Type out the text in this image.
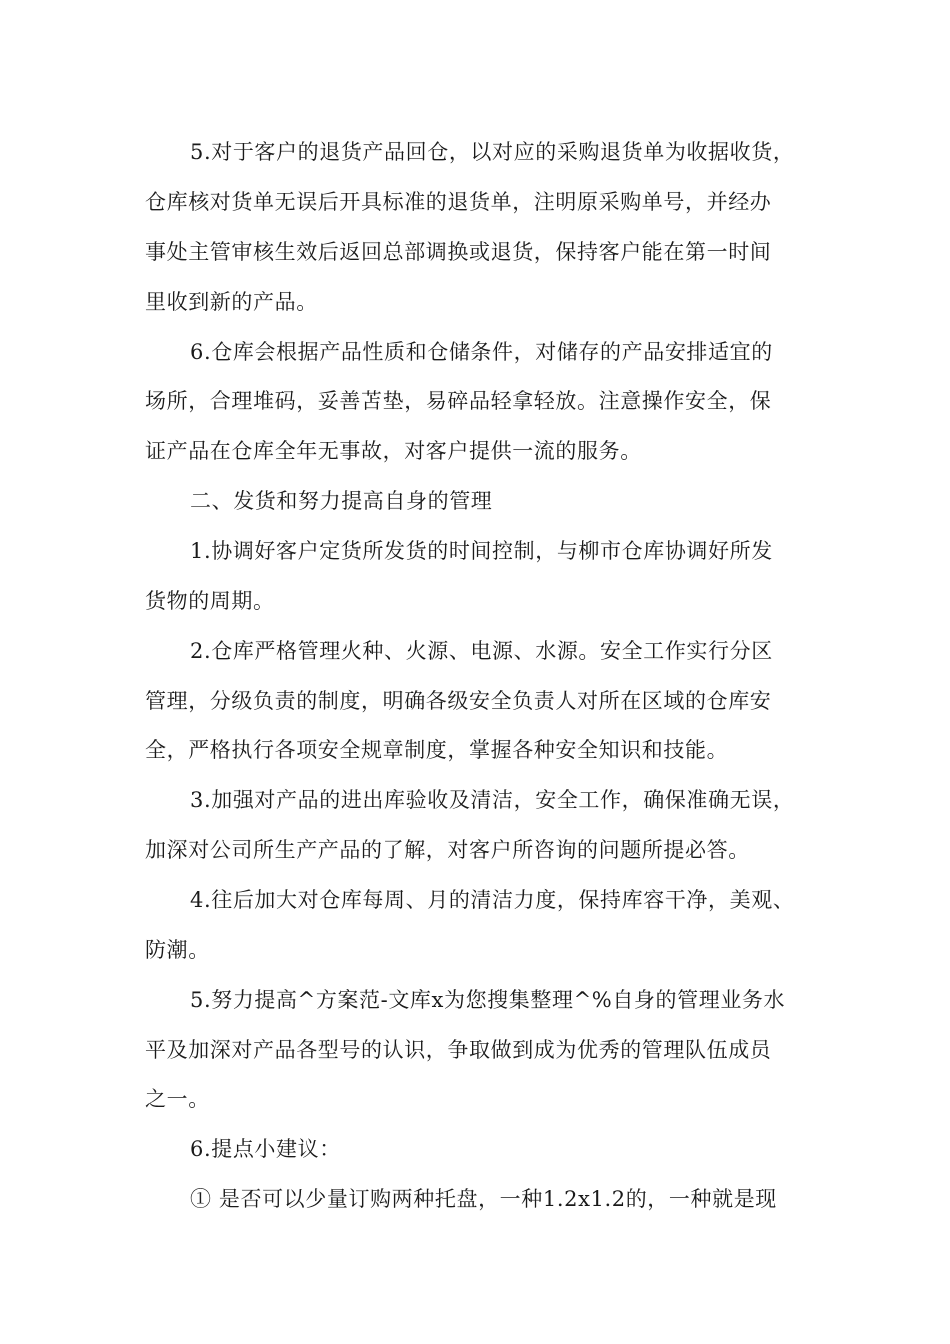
5.对于客户的退货产品回仓，以对应的采购退货单为收据收货，
仓库核对货单无误后开具标准的退货单，注明原采购单号，并经办
事处主管审核生效后返回总部调换或退货，保持客户能在第一时间
里收到新的产品。
6.仓库会根据产品性质和仓储条件，对储存的产品安排适宜的
场所，合理堆码，妥善苫垫，易碎品轻拿轻放。注意操作安全，保
证产品在仓库全年无事故，对客户提供一流的服务。
二、发货和努力提高自身的管理
1.协调好客户定货所发货的时间控制，与柳市仓库协调好所发
货物的周期。
2.仓库严格管理火种、火源、电源、水源。安全工作实行分区
管理，分级负责的制度，明确各级安全负责人对所在区域的仓库安
全，严格执行各项安全规章制度，掌握各种安全知识和技能。
3.加强对产品的进出库验收及清洁，安全工作，确保准确无误，
加深对公司所生产产品的了解，对客户所咨询的问题所提必答。
4.往后加大对仓库每周、月的清洁力度，保持库容干净，美观、
防潮。
5.努力提高^方案范-文库x为您搜集整理^%自身的管理业务水
平及加深对产品各型号的认识，争取做到成为优秀的管理队伍成员
之一。
6.提点小建议：
① 是否可以少量订购两种托盘，一种1.2x1.2的，一种就是现
